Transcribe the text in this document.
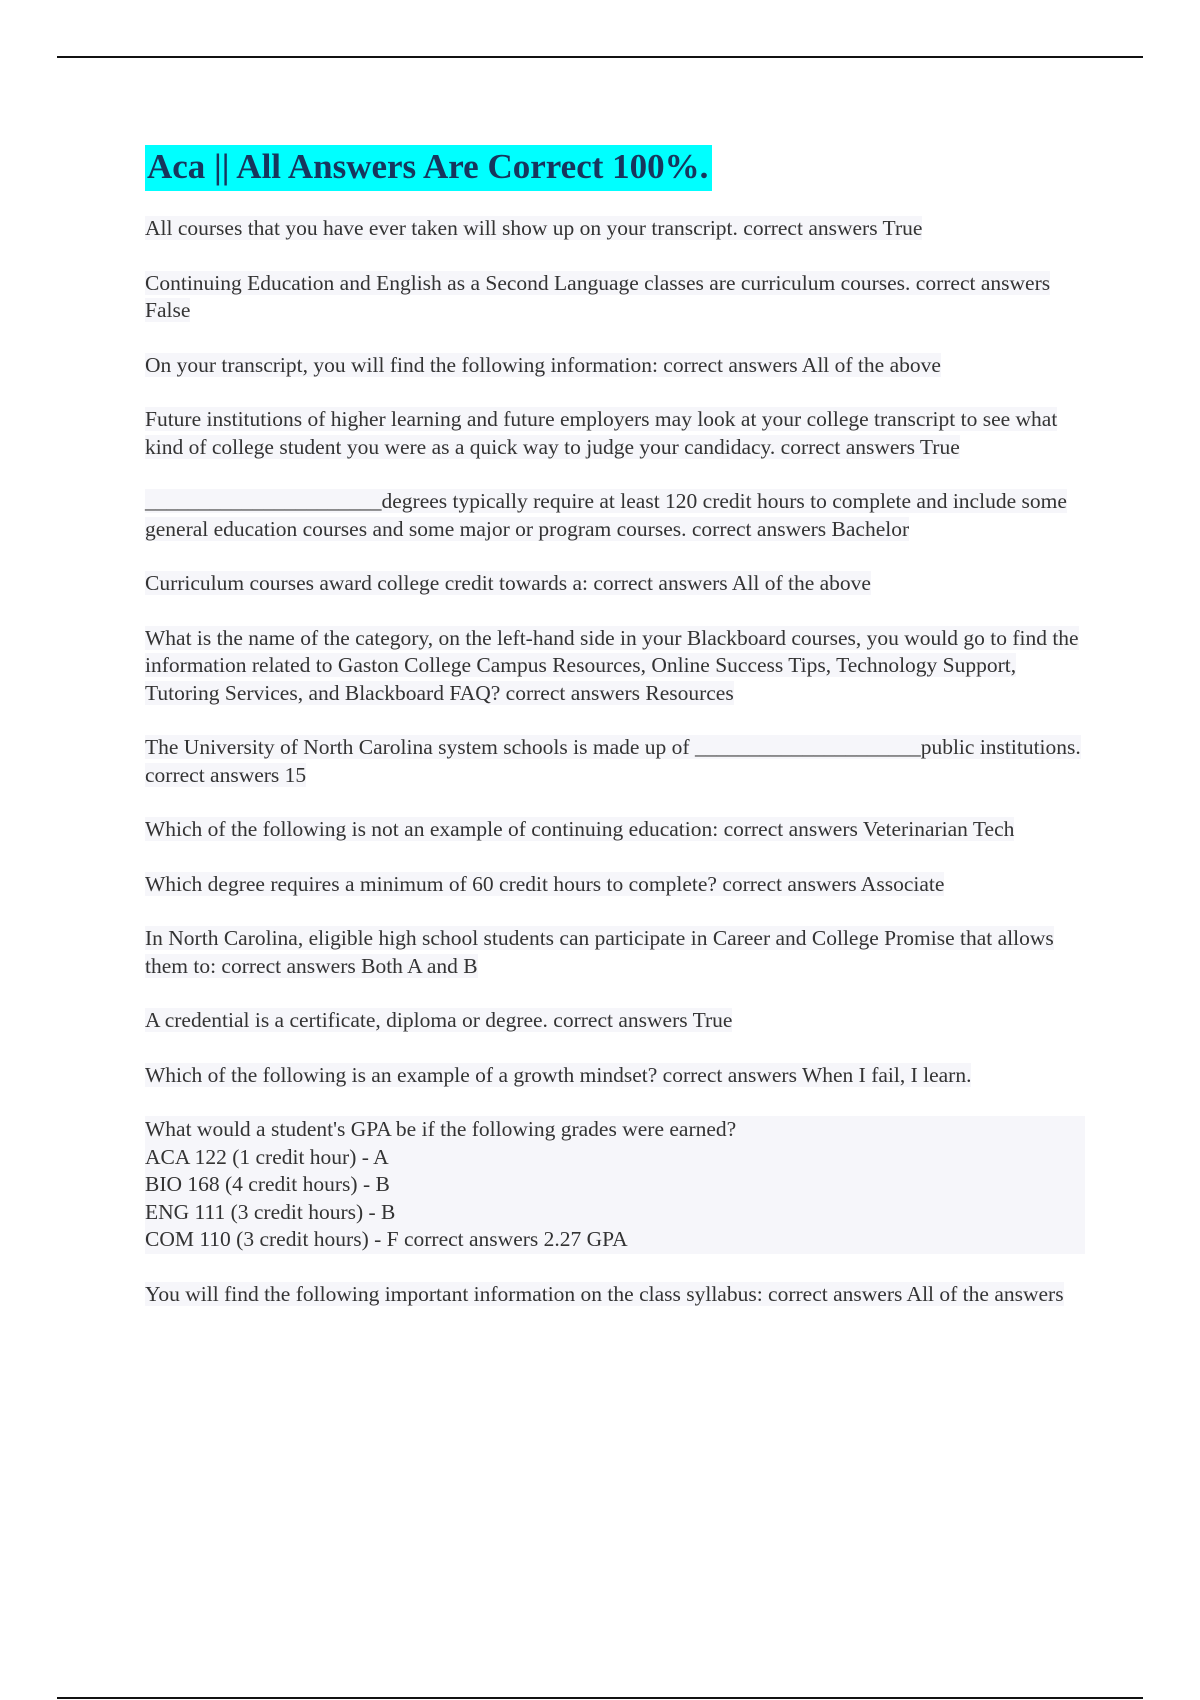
Aca || All Answers Are Correct 100%.

All courses that you have ever taken will show up on your transcript. correct answers True

Continuing Education and English as a Second Language classes are curriculum courses. correct answers False

On your transcript, you will find the following information: correct answers All of the above

Future institutions of higher learning and future employers may look at your college transcript to see what kind of college student you were as a quick way to judge your candidacy. correct answers True

______________________degrees typically require at least 120 credit hours to complete and include some general education courses and some major or program courses. correct answers Bachelor

Curriculum courses award college credit towards a: correct answers All of the above

What is the name of the category, on the left-hand side in your Blackboard courses, you would go to find the information related to Gaston College Campus Resources, Online Success Tips, Technology Support, Tutoring Services, and Blackboard FAQ? correct answers Resources

The University of North Carolina system schools is made up of _____________________public institutions. correct answers 15

Which of the following is not an example of continuing education: correct answers Veterinarian Tech

Which degree requires a minimum of 60 credit hours to complete? correct answers Associate

In North Carolina, eligible high school students can participate in Career and College Promise that allows them to: correct answers Both A and B

A credential is a certificate, diploma or degree. correct answers True

Which of the following is an example of a growth mindset? correct answers When I fail, I learn.

What would a student's GPA be if the following grades were earned?
ACA 122 (1 credit hour) - A
BIO 168 (4 credit hours) - B
ENG 111 (3 credit hours) - B
COM 110 (3 credit hours) - F correct answers 2.27 GPA

You will find the following important information on the class syllabus: correct answers All of the answers
